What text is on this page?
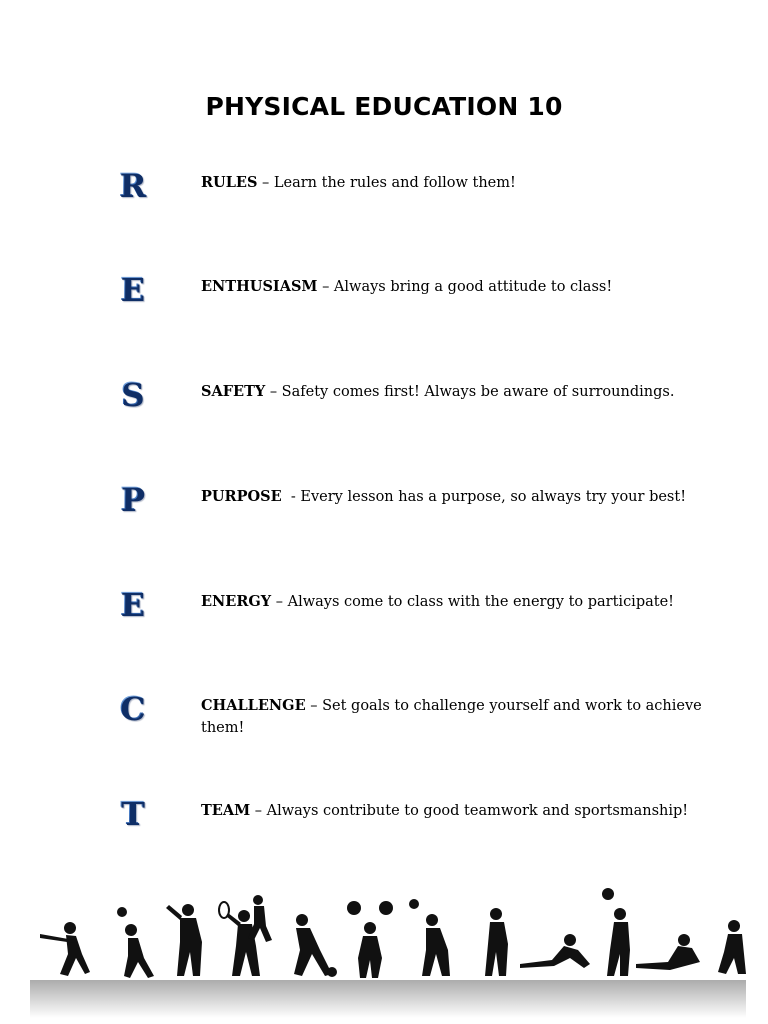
PHYSICAL EDUCATION 10
R	RULES – Learn the rules and follow them!
E	ENTHUSIASM – Always bring a good attitude to class!
S	SAFETY – Safety comes first! Always be aware of surroundings.
P	PURPOSE  - Every lesson has a purpose, so always try your best!
E	ENERGY – Always come to class with the energy to participate!
C	CHALLENGE – Set goals to challenge yourself and work to achieve them!
T	TEAM – Always contribute to good teamwork and sportsmanship!
